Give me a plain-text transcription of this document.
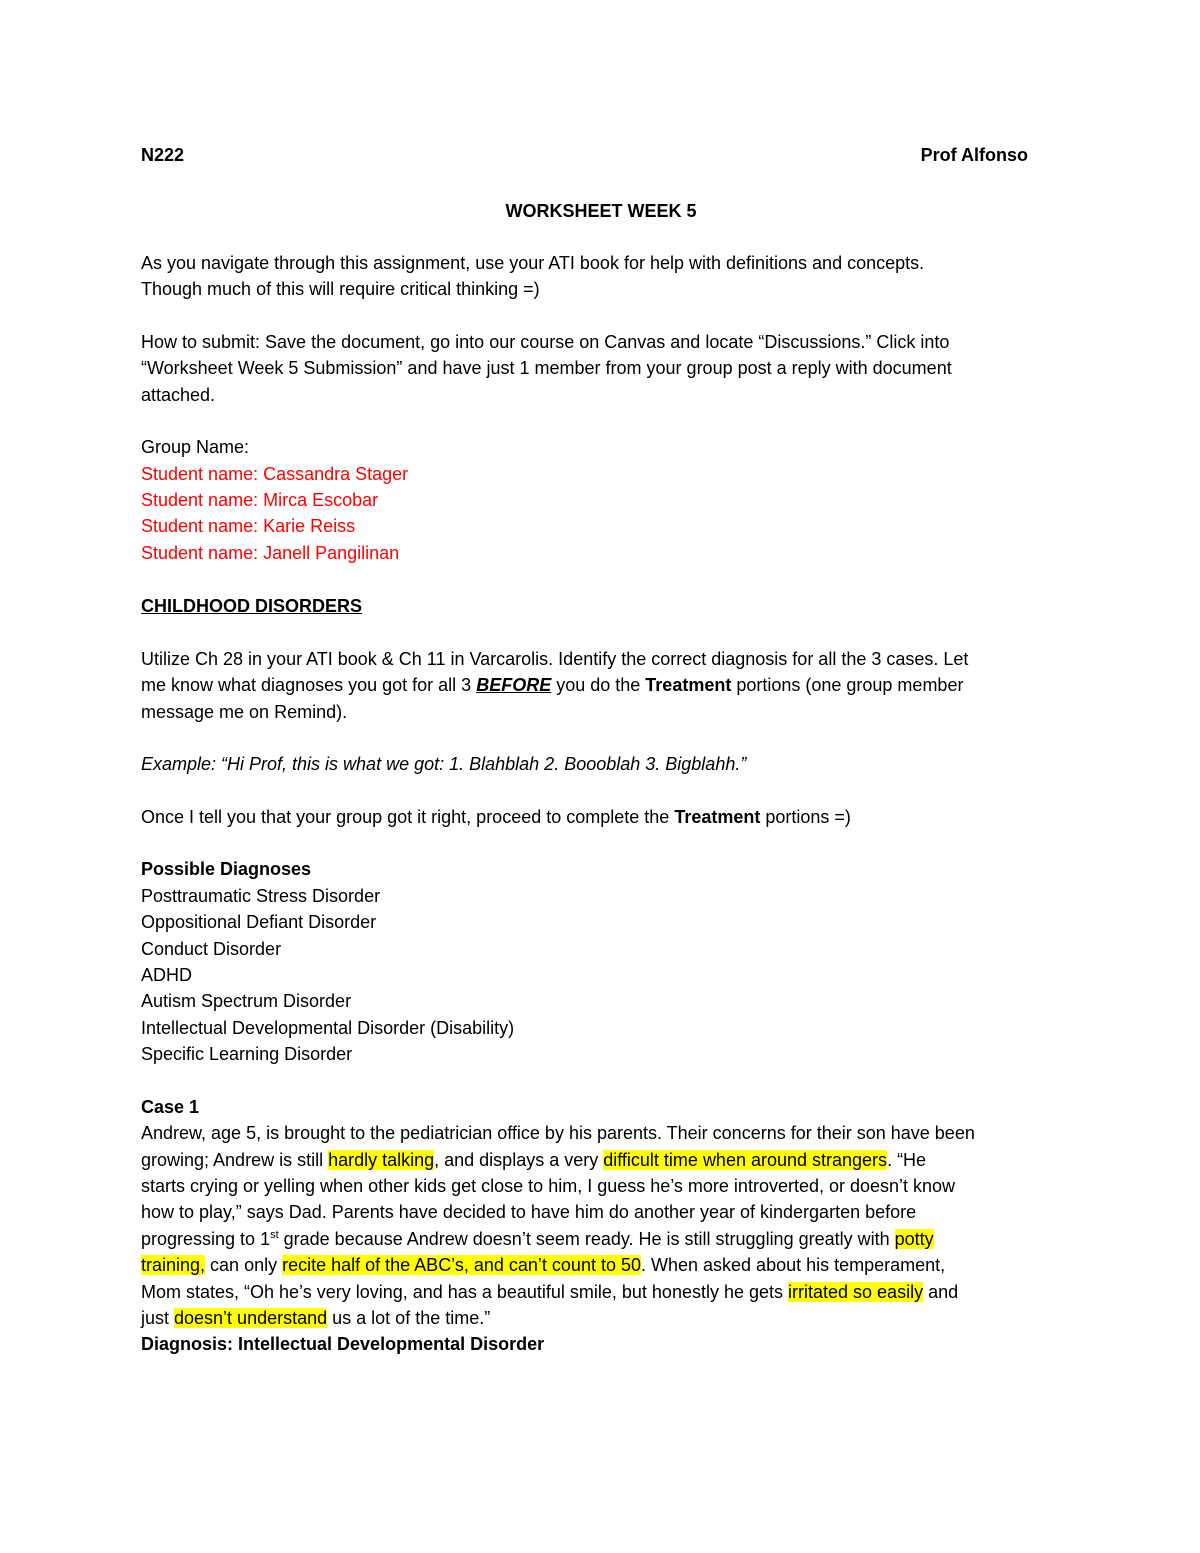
N222	Prof Alfonso

WORKSHEET WEEK 5

As you navigate through this assignment, use your ATI book for help with definitions and concepts.

Though much of this will require critical thinking =)

How to submit: Save the document, go into our course on Canvas and locate “Discussions.” Click into

“Worksheet Week 5 Submission” and have just 1 member from your group post a reply with document

attached.

Group Name:

Student name: Cassandra Stager

Student name: Mirca Escobar

Student name: Karie Reiss

Student name: Janell Pangilinan

CHILDHOOD DISORDERS

Utilize Ch 28 in your ATI book & Ch 11 in Varcarolis. Identify the correct diagnosis for all the 3 cases. Let

me know what diagnoses you got for all 3 BEFORE you do the Treatment portions (one group member

message me on Remind).

Example: “Hi Prof, this is what we got: 1. Blahblah 2. Boooblah 3. Bigblahh.”

Once I tell you that your group got it right, proceed to complete the Treatment portions =)

Possible Diagnoses

Posttraumatic Stress Disorder

Oppositional Defiant Disorder

Conduct Disorder

ADHD

Autism Spectrum Disorder

Intellectual Developmental Disorder (Disability)

Specific Learning Disorder

Case 1

Andrew, age 5, is brought to the pediatrician office by his parents. Their concerns for their son have been

growing; Andrew is still hardly talking, and displays a very difficult time when around strangers. “He

starts crying or yelling when other kids get close to him, I guess he’s more introverted, or doesn’t know

how to play,” says Dad. Parents have decided to have him do another year of kindergarten before

progressing to 1st grade because Andrew doesn’t seem ready. He is still struggling greatly with potty

training, can only recite half of the ABC’s, and can’t count to 50. When asked about his temperament,

Mom states, “Oh he’s very loving, and has a beautiful smile, but honestly he gets irritated so easily and

just doesn’t understand us a lot of the time.”

Diagnosis: Intellectual Developmental Disorder
